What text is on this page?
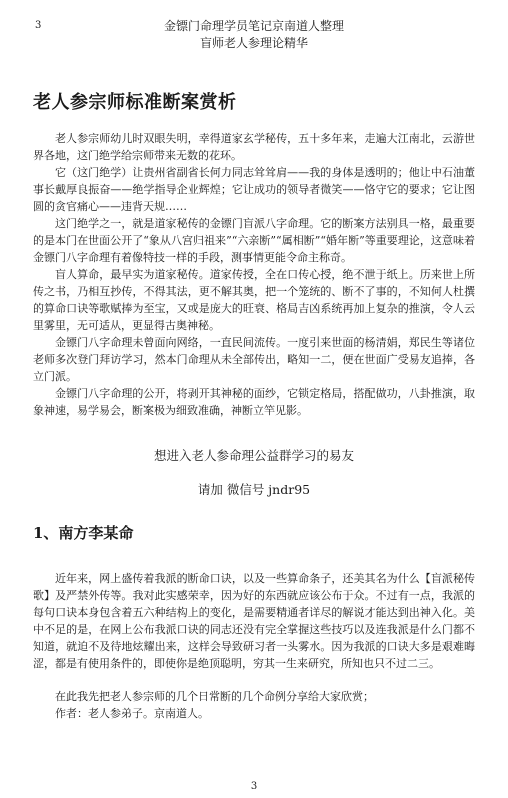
3	金镖门命理学员笔记京南道人整理
盲师老人参理论精华
老人参宗师标准断案赏析

老人参宗师幼儿时双眼失明，幸得道家玄学秘传，五十多年来，走遍大江南北，云游世界各地，这门绝学给宗师带来无数的花环。

它（这门绝学）让贵州省副省长何力同志耸耸肩——我的身体是透明的；他让中石油董事长戴厚良振奋——绝学指导企业辉煌；它让成功的领导者微笑——恪守它的要求；它让图圆的贪官痛心——违背天规……

这门绝学之一，就是道家秘传的金镖门盲派八字命理。它的断案方法别具一格，最重要的是本门在世面公开了“象从八宫归祖来”“六亲断”“属相断”“婚年断”等重要理论，这意味着金镖门八字命理有着像特技一样的手段，测事情更能令命主称奇。

盲人算命，最早实为道家秘传。道家传授，全在口传心授，绝不泄于纸上。历来世上所传之书，乃相互抄传，不得其法，更不解其奥，把一个笼统的、断不了事的，不知何人杜撰的算命口诀等歌赋捧为至宝，又或是庞大的旺衰、格局吉凶系统再加上复杂的推演，令人云里雾里，无可适从，更显得古奥神秘。

金镖门八字命理未曾面向网络，一直民间流传。一度引来世面的杨清娟，郑民生等诸位老师多次登门拜访学习，然本门命理从未全部传出，略知一二，便在世面广受易友追捧，各立门派。

金镖门八字命理的公开，将剥开其神秘的面纱，它锁定格局，搭配做功，八卦推演，取象神速，易学易会，断案极为细致准确，神断立竿见影。

想进入老人参命理公益群学习的易友
请加 微信号 jndr95
1、南方李某命

近年来，网上盛传着我派的断命口诀，以及一些算命条子，还美其名为什么【盲派秘传歌】及严禁外传等。我对此实感荣幸，因为好的东西就应该公布于众。不过有一点，我派的每句口诀本身包含着五六种结构上的变化，是需要精通者详尽的解说才能达到出神入化。美中不足的是，在网上公布我派口诀的同志还没有完全掌握这些技巧以及连我派是什么门都不知道，就迫不及待地炫耀出来，这样会导致研习者一头雾水。因为我派的口诀大多是艰难晦涩，都是有使用条件的，即使你是绝顶聪明，穷其一生来研究，所知也只不过二三。

在此我先把老人参宗师的几个日常断的几个命例分享给大家欣赏；

作者：老人参弟子。京南道人。

3
